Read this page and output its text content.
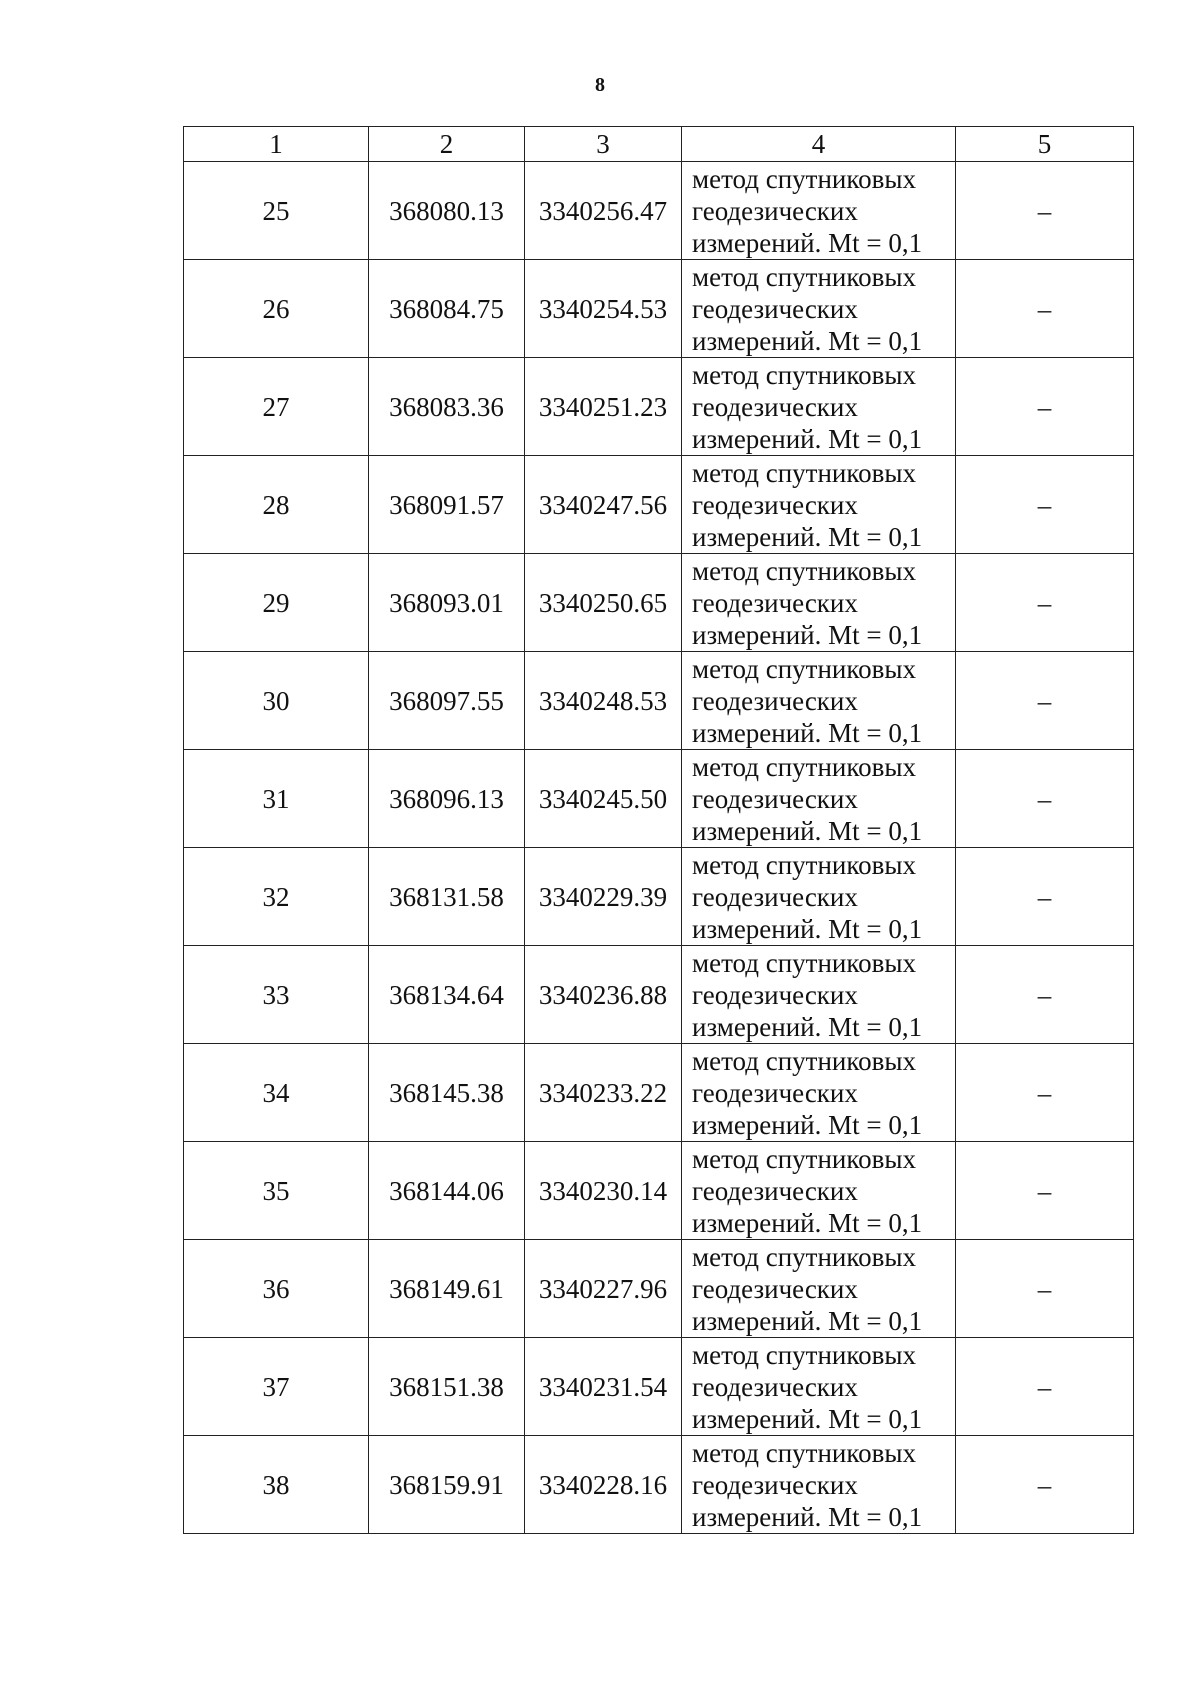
8
1	2	3	4	5
25	368080.13	3340256.47	метод спутниковых
геодезических
измерений. Mt = 0,1	–
26	368084.75	3340254.53	метод спутниковых
геодезических
измерений. Mt = 0,1	–
27	368083.36	3340251.23	метод спутниковых
геодезических
измерений. Mt = 0,1	–
28	368091.57	3340247.56	метод спутниковых
геодезических
измерений. Mt = 0,1	–
29	368093.01	3340250.65	метод спутниковых
геодезических
измерений. Mt = 0,1	–
30	368097.55	3340248.53	метод спутниковых
геодезических
измерений. Mt = 0,1	–
31	368096.13	3340245.50	метод спутниковых
геодезических
измерений. Mt = 0,1	–
32	368131.58	3340229.39	метод спутниковых
геодезических
измерений. Mt = 0,1	–
33	368134.64	3340236.88	метод спутниковых
геодезических
измерений. Mt = 0,1	–
34	368145.38	3340233.22	метод спутниковых
геодезических
измерений. Mt = 0,1	–
35	368144.06	3340230.14	метод спутниковых
геодезических
измерений. Mt = 0,1	–
36	368149.61	3340227.96	метод спутниковых
геодезических
измерений. Mt = 0,1	–
37	368151.38	3340231.54	метод спутниковых
геодезических
измерений. Mt = 0,1	–
38	368159.91	3340228.16	метод спутниковых
геодезических
измерений. Mt = 0,1	–
